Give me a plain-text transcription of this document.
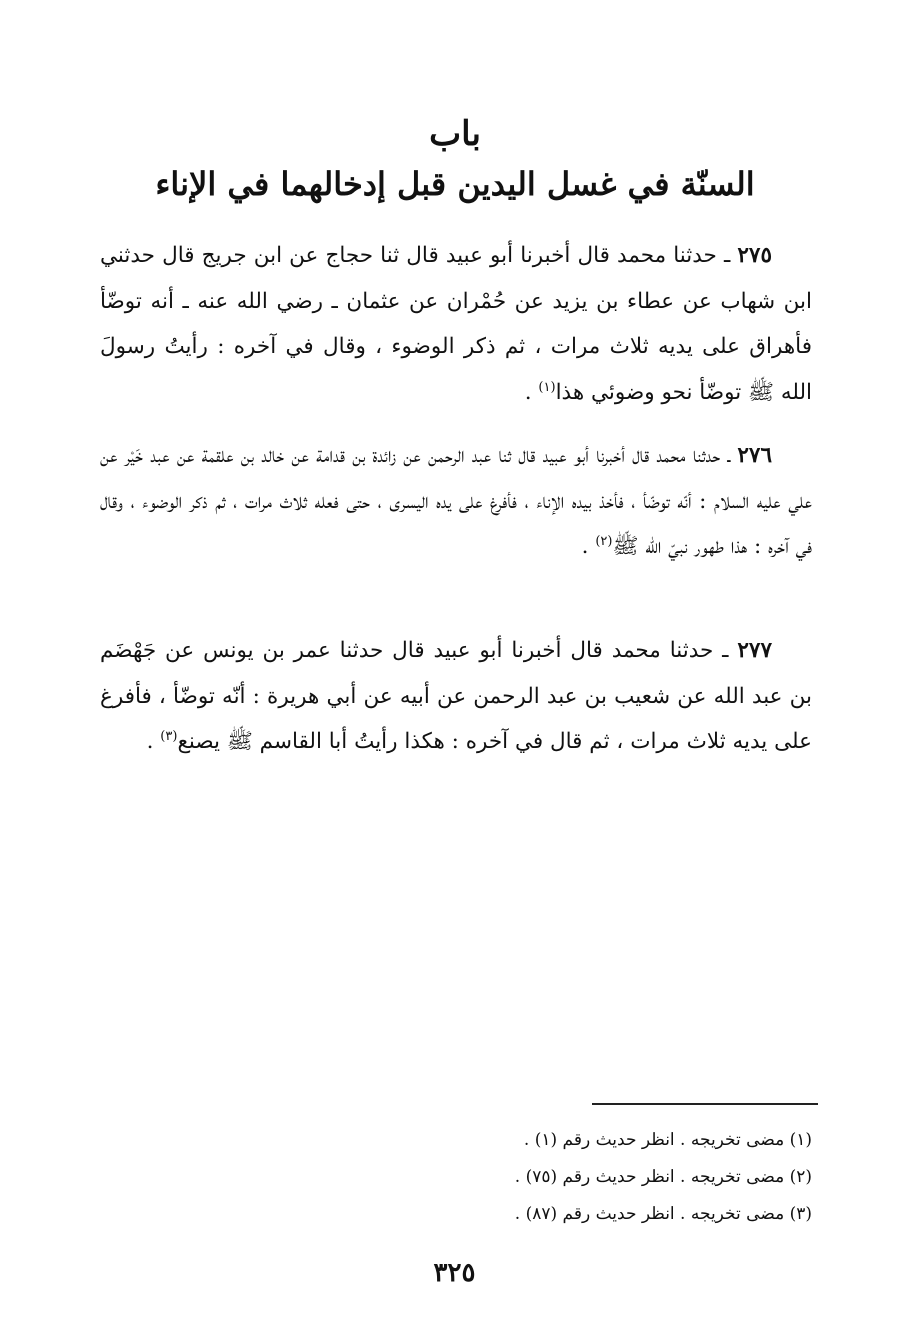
باب
السنّة في غسل اليدين قبل إدخالهما في الإناء

٢٧٥ ـ حدثنا محمد قال أخبرنا أبو عبيد قال ثنا حجاج عن ابن جريج قال حدثني ابن شهاب عن عطاء بن يزيد عن حُمْران عن عثمان ـ رضي الله عنه ـ أنه توضّأ فأهراق على يديه ثلاث مرات ، ثم ذكر الوضوء ، وقال في آخره : رأيتُ رسولَ الله ﷺ توضّأ نحو وضوئي هذا$^{(١)}$ .

٢٧٦ ـ حدثنا محمد قال أخبرنا أبو عبيد قال ثنا عبد الرحمن عن زائدة بن قدامة عن خالد بن علقمة عن عبد خَيْر عن علي عليه السلام : أنّه توضّأ ، فأخذ بيده الإناء ، فأفرغ على يده اليسرى ، حتى فعله ثلاث مرات ، ثم ذكر الوضوء ، وقال في آخره : هذا طهور نبيّ الله ﷺ$^{(٢)}$ .

٢٧٧ ـ حدثنا محمد قال أخبرنا أبو عبيد قال حدثنا عمر بن يونس عن جَهْضَم بن عبد الله عن شعيب بن عبد الرحمن عن أبيه عن أبي هريرة : أنّه توضّأ ، فأفرغ على يديه ثلاث مرات ، ثم قال في آخره : هكذا رأيتُ أبا القاسم ﷺ يصنع$^{(٣)}$ .

(١) مضى تخريجه . انظر حديث رقم (١) .
(٢) مضى تخريجه . انظر حديث رقم (٧٥) .
(٣) مضى تخريجه . انظر حديث رقم (٨٧) .
٣٢٥
